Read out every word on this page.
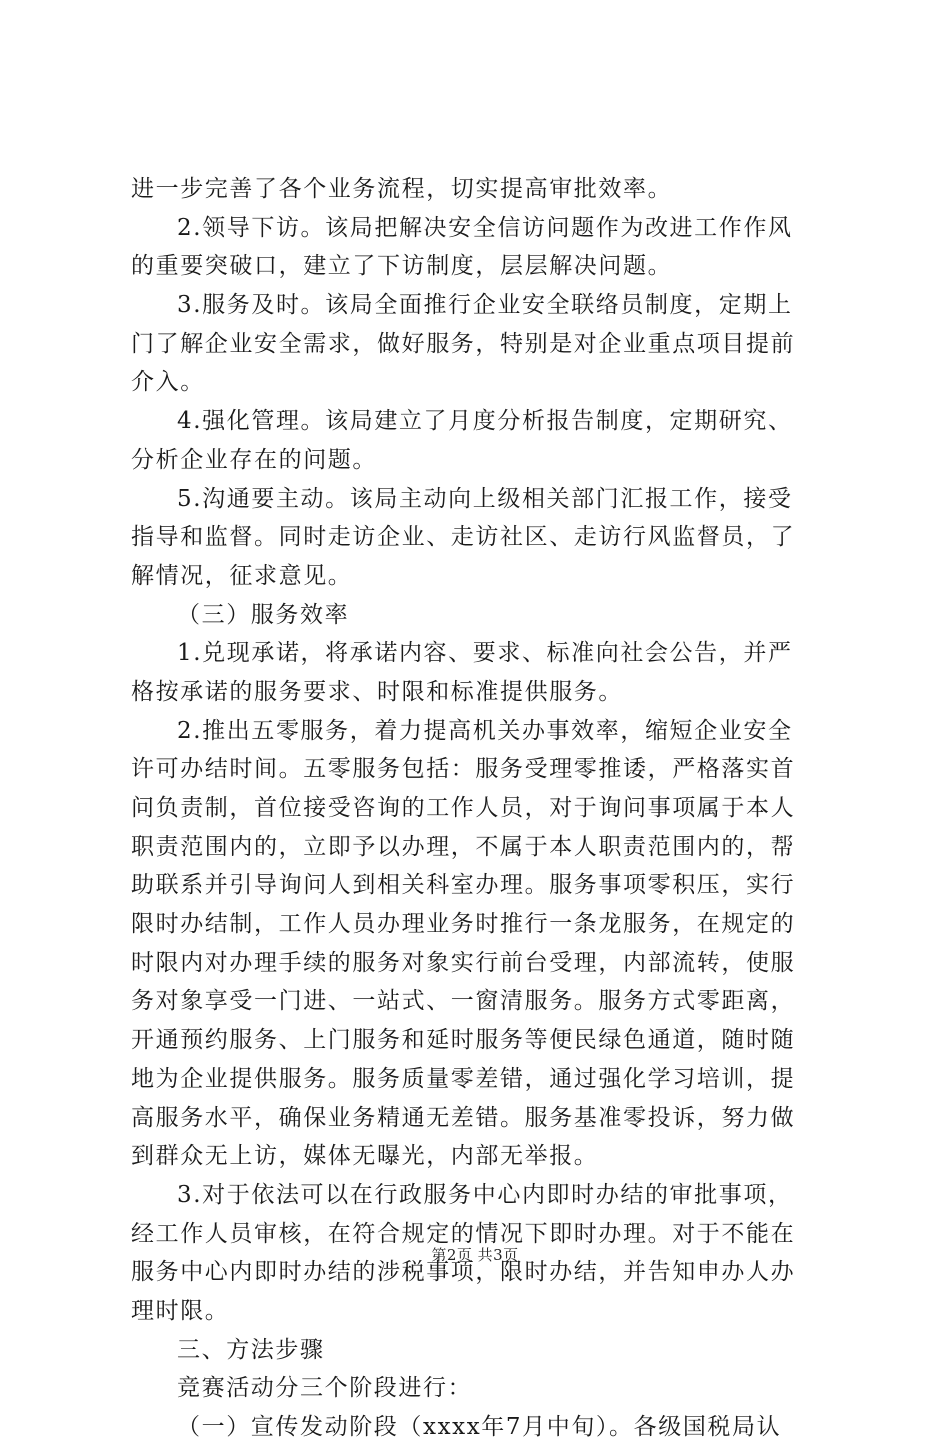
进一步完善了各个业务流程，切实提高审批效率。
2.领导下访。该局把解决安全信访问题作为改进工作作风
的重要突破口，建立了下访制度，层层解决问题。
3.服务及时。该局全面推行企业安全联络员制度，定期上
门了解企业安全需求，做好服务，特别是对企业重点项目提前
介入。
4.强化管理。该局建立了月度分析报告制度，定期研究、
分析企业存在的问题。
5.沟通要主动。该局主动向上级相关部门汇报工作，接受
指导和监督。同时走访企业、走访社区、走访行风监督员，了
解情况，征求意见。
（三）服务效率
1.兑现承诺，将承诺内容、要求、标准向社会公告，并严
格按承诺的服务要求、时限和标准提供服务。
2.推出五零服务，着力提高机关办事效率，缩短企业安全
许可办结时间。五零服务包括：服务受理零推诿，严格落实首
问负责制，首位接受咨询的工作人员，对于询问事项属于本人
职责范围内的，立即予以办理，不属于本人职责范围内的，帮
助联系并引导询问人到相关科室办理。服务事项零积压，实行
限时办结制，工作人员办理业务时推行一条龙服务，在规定的
时限内对办理手续的服务对象实行前台受理，内部流转，使服
务对象享受一门进、一站式、一窗清服务。服务方式零距离，
开通预约服务、上门服务和延时服务等便民绿色通道，随时随
地为企业提供服务。服务质量零差错，通过强化学习培训，提
高服务水平，确保业务精通无差错。服务基准零投诉，努力做
到群众无上访，媒体无曝光，内部无举报。
3.对于依法可以在行政服务中心内即时办结的审批事项，
经工作人员审核，在符合规定的情况下即时办理。对于不能在
服务中心内即时办结的涉税事项，限时办结，并告知申办人办
理时限。
三、方法步骤
竞赛活动分三个阶段进行：
（一）宣传发动阶段（xxxx年7月中旬）。各级国税局认
第2页 共3页
